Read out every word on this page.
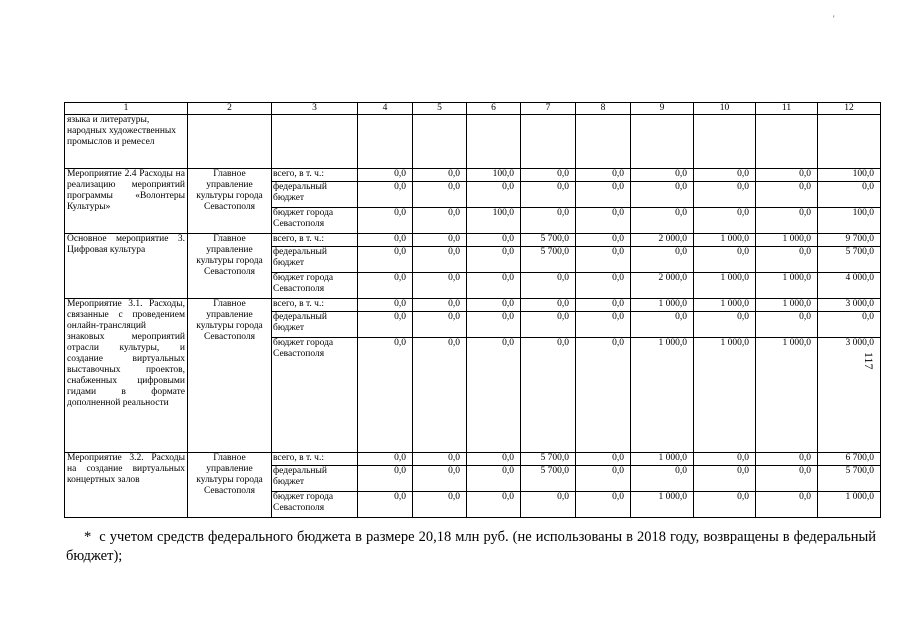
'
1	2	3	4	5	6	7	8	9	10	11	12
языка и литературы, народных художественных промыслов и ремесел											
Мероприятие 2.4 Расходы на реализацию мероприятий программы «Волонтеры Культуры»	Главное управление культуры города Севастополя	всего, в т. ч.:	0,0	0,0	100,0	0,0	0,0	0,0	0,0	0,0	100,0
		федеральный бюджет	0,0	0,0	0,0	0,0	0,0	0,0	0,0	0,0	0,0
		бюджет города Севастополя	0,0	0,0	100,0	0,0	0,0	0,0	0,0	0,0	100,0
Основное мероприятие 3. Цифровая культура	Главное управление культуры города Севастополя	всего, в т. ч.:	0,0	0,0	0,0	5 700,0	0,0	2 000,0	1 000,0	1 000,0	9 700,0
		федеральный бюджет	0,0	0,0	0,0	5 700,0	0,0	0,0	0,0	0,0	5 700,0
		бюджет города Севастополя	0,0	0,0	0,0	0,0	0,0	2 000,0	1 000,0	1 000,0	4 000,0
Мероприятие 3.1. Расходы, связанные с проведением онлайн-трансляций знаковых мероприятий отрасли культуры, и создание виртуальных выставочных проектов, снабженных цифровыми гидами в формате дополненной реальности	Главное управление культуры города Севастополя	всего, в т. ч.:	0,0	0,0	0,0	0,0	0,0	1 000,0	1 000,0	1 000,0	3 000,0
		федеральный бюджет	0,0	0,0	0,0	0,0	0,0	0,0	0,0	0,0	0,0
		бюджет города Севастополя	0,0	0,0	0,0	0,0	0,0	1 000,0	1 000,0	1 000,0	3 000,0
Мероприятие 3.2. Расходы на создание виртуальных концертных залов	Главное управление культуры города Севастополя	всего, в т. ч.:	0,0	0,0	0,0	5 700,0	0,0	1 000,0	0,0	0,0	6 700,0
		федеральный бюджет	0,0	0,0	0,0	5 700,0	0,0	0,0	0,0	0,0	5 700,0
		бюджет города Севастополя	0,0	0,0	0,0	0,0	0,0	1 000,0	0,0	0,0	1 000,0
* с учетом средств федерального бюджета в размере 20,18 млн руб. (не использованы в 2018 году, возвращены в федеральный бюджет);
117
